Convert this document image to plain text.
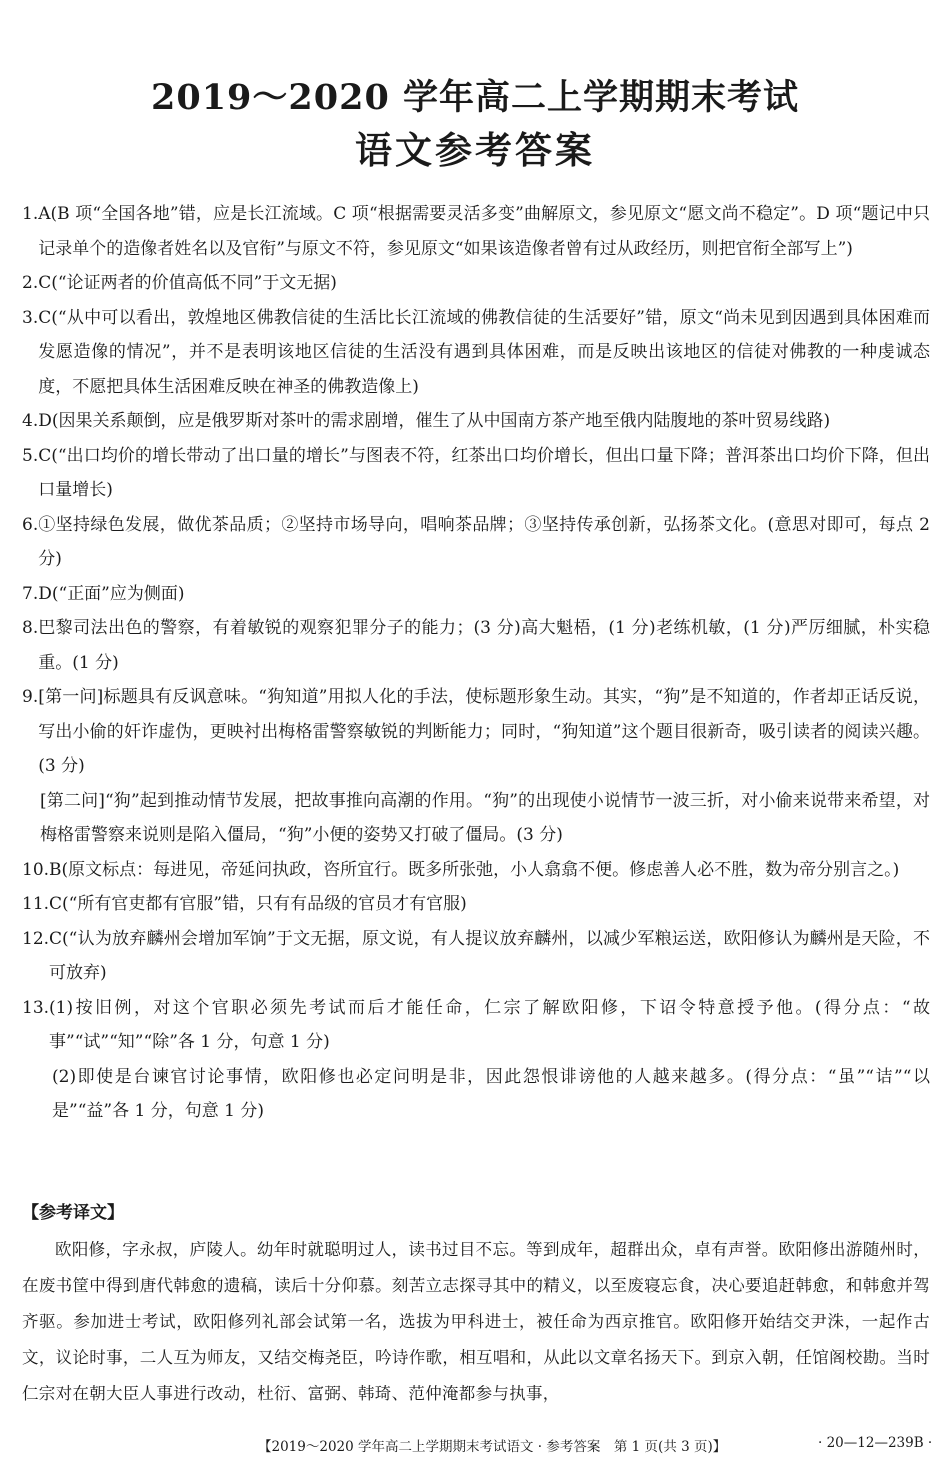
2019～2020 学年高二上学期期末考试
语文参考答案
1. A(B 项“全国各地”错，应是长江流域。C 项“根据需要灵活多变”曲解原文，参见原文“愿文尚不稳定”。D 项“题记中只记录单个的造像者姓名以及官衔”与原文不符，参见原文“如果该造像者曾有过从政经历，则把官衔全部写上”)
2. C(“论证两者的价值高低不同”于文无据)
3. C(“从中可以看出，敦煌地区佛教信徒的生活比长江流域的佛教信徒的生活要好”错，原文“尚未见到因遇到具体困难而发愿造像的情况”，并不是表明该地区信徒的生活没有遇到具体困难，而是反映出该地区的信徒对佛教的一种虔诚态度，不愿把具体生活困难反映在神圣的佛教造像上)
4. D(因果关系颠倒，应是俄罗斯对茶叶的需求剧增，催生了从中国南方茶产地至俄内陆腹地的茶叶贸易线路)
5. C(“出口均价的增长带动了出口量的增长”与图表不符，红茶出口均价增长，但出口量下降；普洱茶出口均价下降，但出口量增长)
6. ①坚持绿色发展，做优茶品质；②坚持市场导向，唱响茶品牌；③坚持传承创新，弘扬茶文化。(意思对即可，每点 2 分)
7. D(“正面”应为侧面)
8. 巴黎司法出色的警察，有着敏锐的观察犯罪分子的能力；(3 分)高大魁梧，(1 分)老练机敏，(1 分)严厉细腻，朴实稳重。(1 分)
9. [第一问]标题具有反讽意味。“狗知道”用拟人化的手法，使标题形象生动。其实，“狗”是不知道的，作者却正话反说，写出小偷的奸诈虚伪，更映衬出梅格雷警察敏锐的判断能力；同时，“狗知道”这个题目很新奇，吸引读者的阅读兴趣。(3 分)
[第二问]“狗”起到推动情节发展，把故事推向高潮的作用。“狗”的出现使小说情节一波三折，对小偷来说带来希望，对梅格雷警察来说则是陷入僵局，“狗”小便的姿势又打破了僵局。(3 分)
10. B(原文标点：每进见，帝延问执政，咨所宜行。既多所张弛，小人翕翕不便。修虑善人必不胜，数为帝分别言之。)
11. C(“所有官吏都有官服”错，只有有品级的官员才有官服)
12. C(“认为放弃麟州会增加军饷”于文无据，原文说，有人提议放弃麟州，以减少军粮运送，欧阳修认为麟州是天险，不可放弃)
13. (1)按旧例，对这个官职必须先考试而后才能任命，仁宗了解欧阳修，下诏令特意授予他。(得分点：“故事”“试”“知”“除”各 1 分，句意 1 分)
(2)即使是台谏官讨论事情，欧阳修也必定问明是非，因此怨恨诽谤他的人越来越多。(得分点：“虽”“诘”“以是”“益”各 1 分，句意 1 分)
【参考译文】
欧阳修，字永叔，庐陵人。幼年时就聪明过人，读书过目不忘。等到成年，超群出众，卓有声誉。欧阳修出游随州时，在废书筐中得到唐代韩愈的遗稿，读后十分仰慕。刻苦立志探寻其中的精义，以至废寝忘食，决心要追赶韩愈，和韩愈并驾齐驱。参加进士考试，欧阳修列礼部会试第一名，选拔为甲科进士，被任命为西京推官。欧阳修开始结交尹洙，一起作古文，议论时事，二人互为师友，又结交梅尧臣，吟诗作歌，相互唱和，从此以文章名扬天下。到京入朝，任馆阁校勘。当时仁宗对在朝大臣人事进行改动，杜衍、富弼、韩琦、范仲淹都参与执事，
【2019～2020 学年高二上学期期末考试语文 · 参考答案　第 1 页(共 3 页)】	· 20—12—239B ·
